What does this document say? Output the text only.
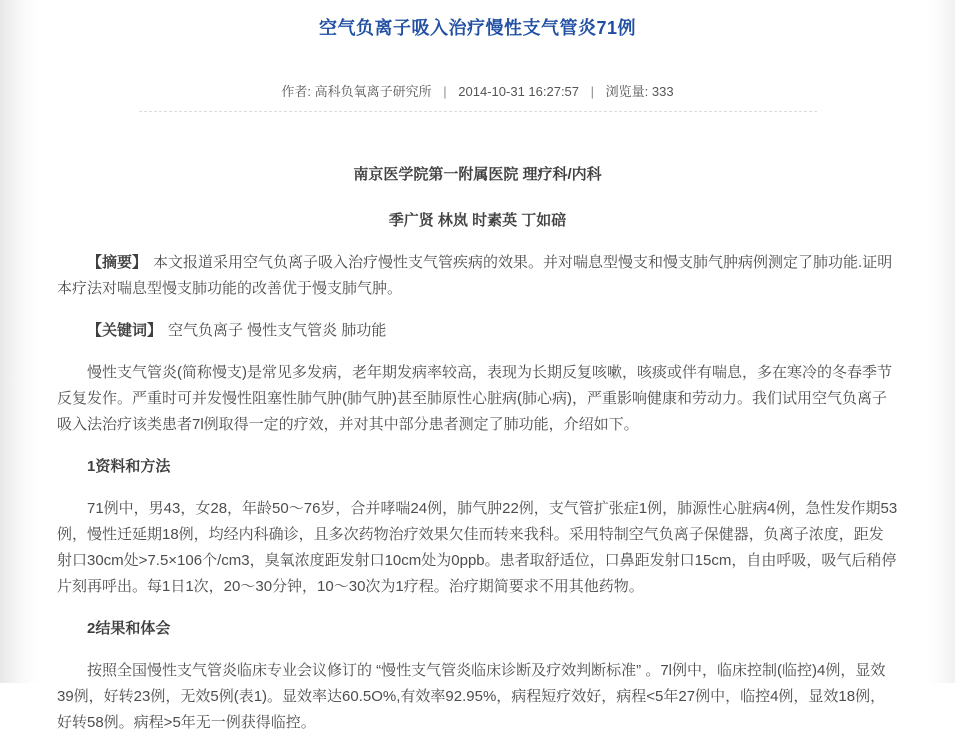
空气负离子吸入治疗慢性支气管炎71例
作者: 高科负氧离子研究所 | 2014-10-31 16:27:57 | 浏览量: 333

南京医学院第一附属医院 理疗科/内科

季广贤 林岚 时素英 丁如碚

【摘要】 本文报道采用空气负离子吸入治疗慢性支气管疾病的效果。并对喘息型慢支和慢支肺气肿病例测定了肺功能.证明本疗法对喘息型慢支肺功能的改善优于慢支肺气肿。

【关键词】 空气负离子 慢性支气管炎 肺功能

慢性支气管炎(简称慢支)是常见多发病，老年期发病率较高，表现为长期反复咳嗽，咳痰或伴有喘息，多在寒冷的冬春季节反复发作。严重时可并发慢性阻塞性肺气肿(肺气肿)甚至肺原性心脏病(肺心病)，严重影响健康和劳动力。我们试用空气负离子吸入法治疗该类患者7l例取得一定的疗效，并对其中部分患者测定了肺功能，介绍如下。

1资料和方法

71例中，男43，女28，年龄50～76岁，合并哮喘24例，肺气肿22例，支气管扩张症1例，肺源性心脏病4例，急性发作期53例，慢性迁延期18例，均经内科确诊，且多次药物治疗效果欠佳而转来我科。采用特制空气负离子保健器，负离子浓度，距发射口30cm处>7.5×106个/cm3，臭氧浓度距发射口10cm处为0ppb。患者取舒适位，口鼻距发射口15cm，自由呼吸，吸气后稍停片刻再呼出。每1日1次，20～30分钟，10～30次为1疗程。治疗期简要求不用其他药物。

2结果和体会

按照全国慢性支气管炎临床专业会议修订的 “慢性支气管炎临床诊断及疗效判断标准” 。7l例中，临床控制(临控)4例，显效39例，好转23例，无效5例(表1)。显效率达60.5O%,有效率92.95%，病程短疗效好，病程<5年27例中，临控4例，显效18例，好转58例。病程>5年无一例获得临控。
